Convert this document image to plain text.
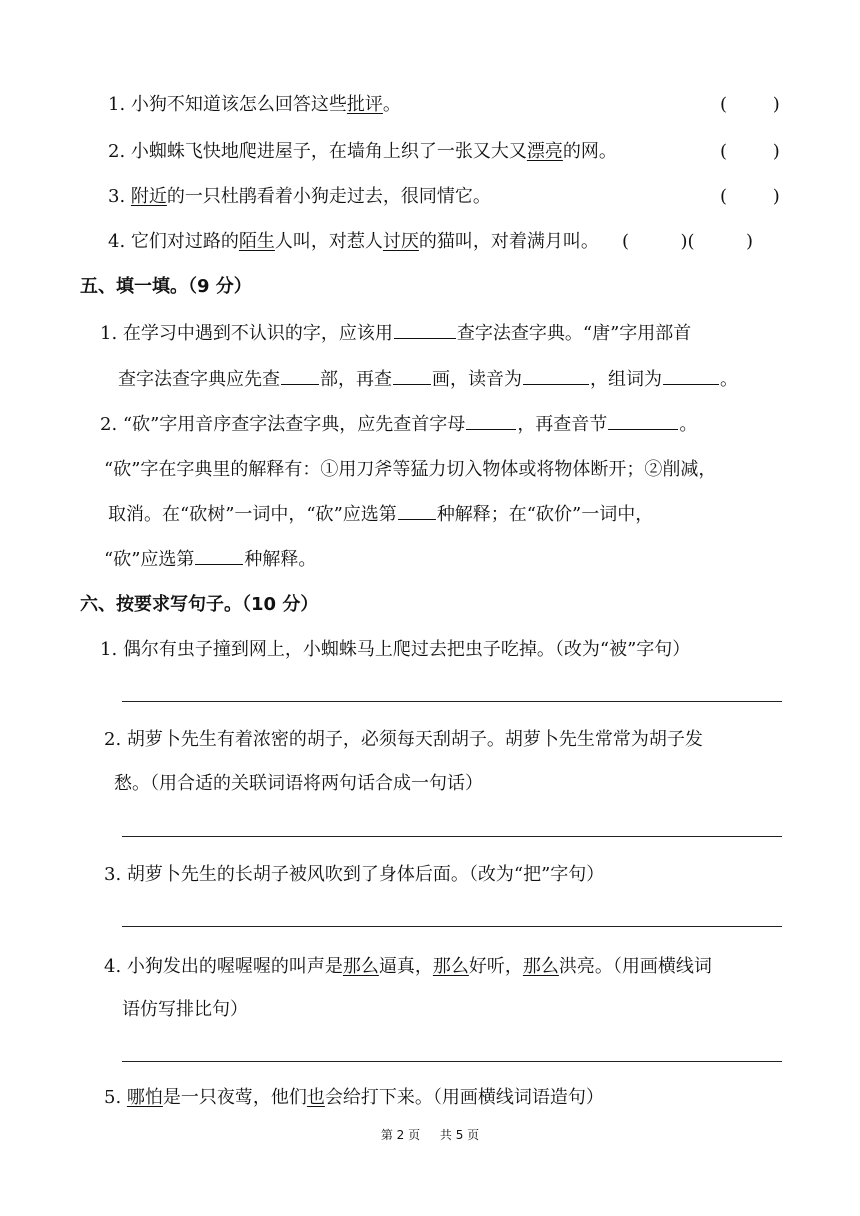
1. 小狗不知道该怎么回答这些批评。	(        )
2. 小蜘蛛飞快地爬进屋子，在墙角上织了一张又大又漂亮的网。	(        )
3. 附近的一只杜鹃看着小狗走过去，很同情它。	(        )
4. 它们对过路的陌生人叫，对惹人讨厌的猫叫，对着满月叫。 (         )(         )
五、填一填。（9 分）
1. 在学习中遇到不认识的字，应该用	查字法查字典。“唐”字用部首
查字法查字典应先查 部，再查 画，读音为	，组词为	。
2. “砍”字用音序查字法查字典，应先查首字母	，再查音节	。
“砍”字在字典里的解释有：①用刀斧等猛力切入物体或将物体断开；②削减，
取消。在“砍树”一词中，“砍”应选第 种解释；在“砍价”一词中，
“砍”应选第	种解释。
六、按要求写句子。（10 分）
1. 偶尔有虫子撞到网上，小蜘蛛马上爬过去把虫子吃掉。（改为“被”字句）
2. 胡萝卜先生有着浓密的胡子，必须每天刮胡子。胡萝卜先生常常为胡子发
愁。（用合适的关联词语将两句话合成一句话）
3. 胡萝卜先生的长胡子被风吹到了身体后面。（改为“把”字句）
4. 小狗发出的喔喔喔的叫声是那么逼真，那么好听，那么洪亮。（用画横线词
语仿写排比句）
5. 哪怕是一只夜莺，他们也会给打下来。（用画横线词语造句）
第 2 页 共 5 页
